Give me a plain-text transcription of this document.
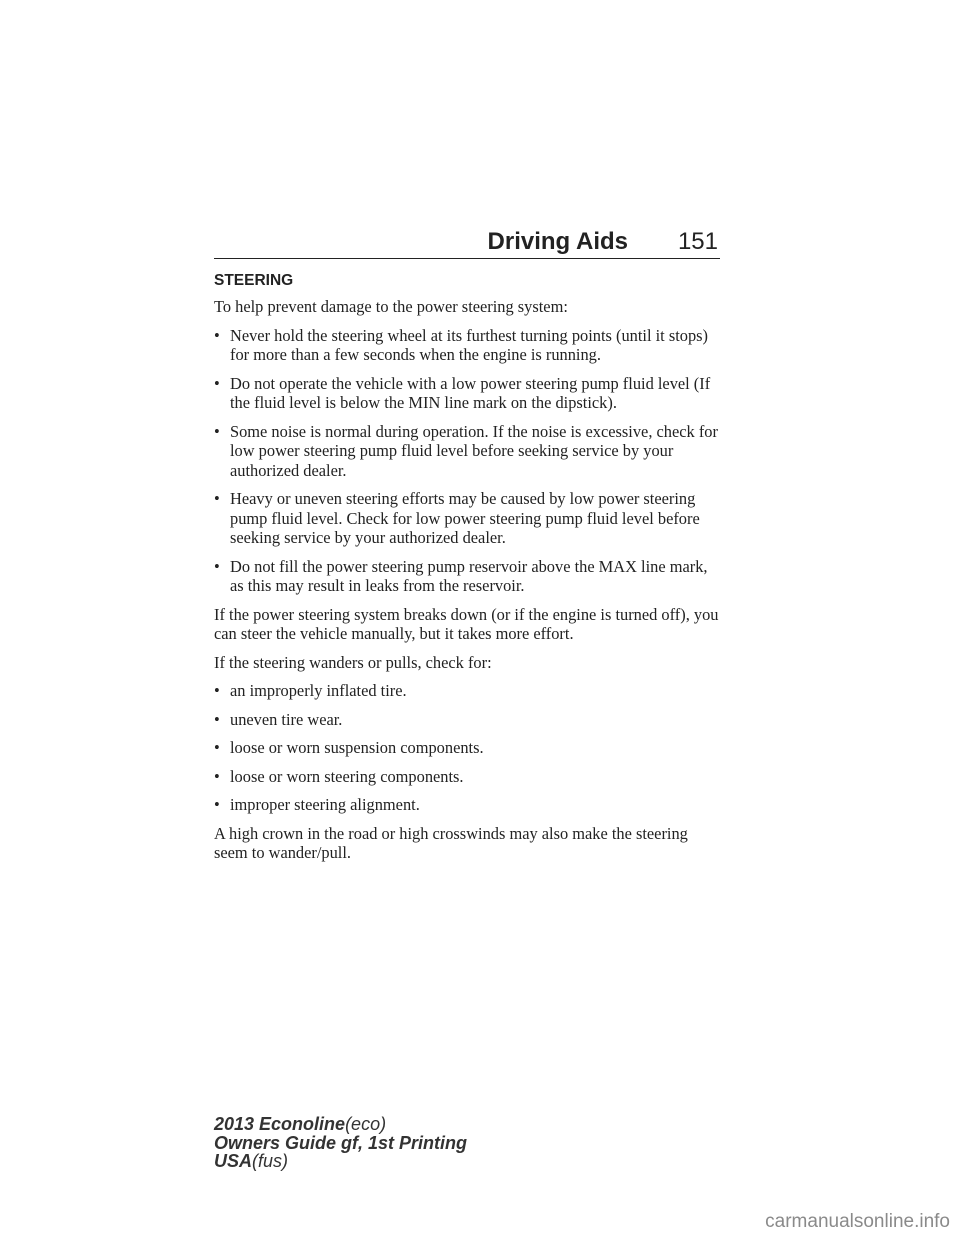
Driving Aids 151
STEERING

To help prevent damage to the power steering system:

• Never hold the steering wheel at its furthest turning points (until it stops) for more than a few seconds when the engine is running.
• Do not operate the vehicle with a low power steering pump fluid level (If the fluid level is below the MIN line mark on the dipstick).
• Some noise is normal during operation. If the noise is excessive, check for low power steering pump fluid level before seeking service by your authorized dealer.
• Heavy or uneven steering efforts may be caused by low power steering pump fluid level. Check for low power steering pump fluid level before seeking service by your authorized dealer.
• Do not fill the power steering pump reservoir above the MAX line mark, as this may result in leaks from the reservoir.

If the power steering system breaks down (or if the engine is turned off), you can steer the vehicle manually, but it takes more effort.

If the steering wanders or pulls, check for:

• an improperly inflated tire.
• uneven tire wear.
• loose or worn suspension components.
• loose or worn steering components.
• improper steering alignment.

A high crown in the road or high crosswinds may also make the steering seem to wander/pull.

2013 Econoline(eco)
Owners Guide gf, 1st Printing
USA(fus)
carmanualsonline.info
